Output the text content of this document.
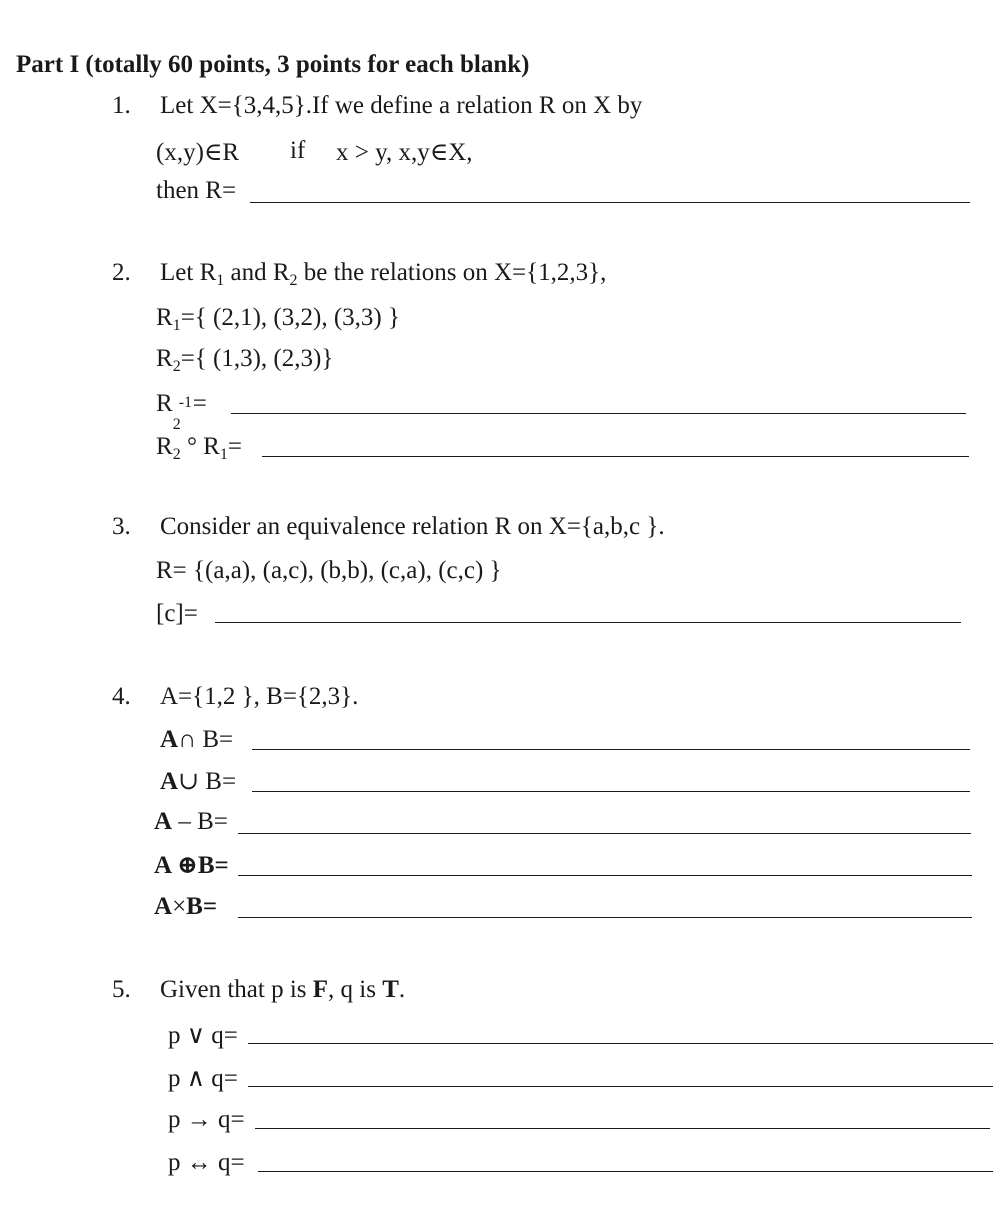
Part I (totally 60 points, 3 points for each blank)
1. Let X={3,4,5}.If we define a relation R on X by
(x,y)∈R if x > y, x,y∈X,
then R=
2. Let $R_1$ and $R_2$ be the relations on X={1,2,3},
$R_1=${ (2,1), (3,2), (3,3) }
$R_2=${ (1,3), (2,3)}
R -1
2
=
$R_2$ ° $R_1=$
3. Consider an equivalence relation R on X={a,b,c }.
R= {(a,a), (a,c), (b,b), (c,a), (c,c) }
[c]=
4. A={1,2 }, B={2,3}.
A∩ B=
A∪ B=
A – B=
A ⊕B=
A×B=
5. Given that p is F, q is T.
p ∨ q=
p ∧ q=
p → q=
p ↔ q=
